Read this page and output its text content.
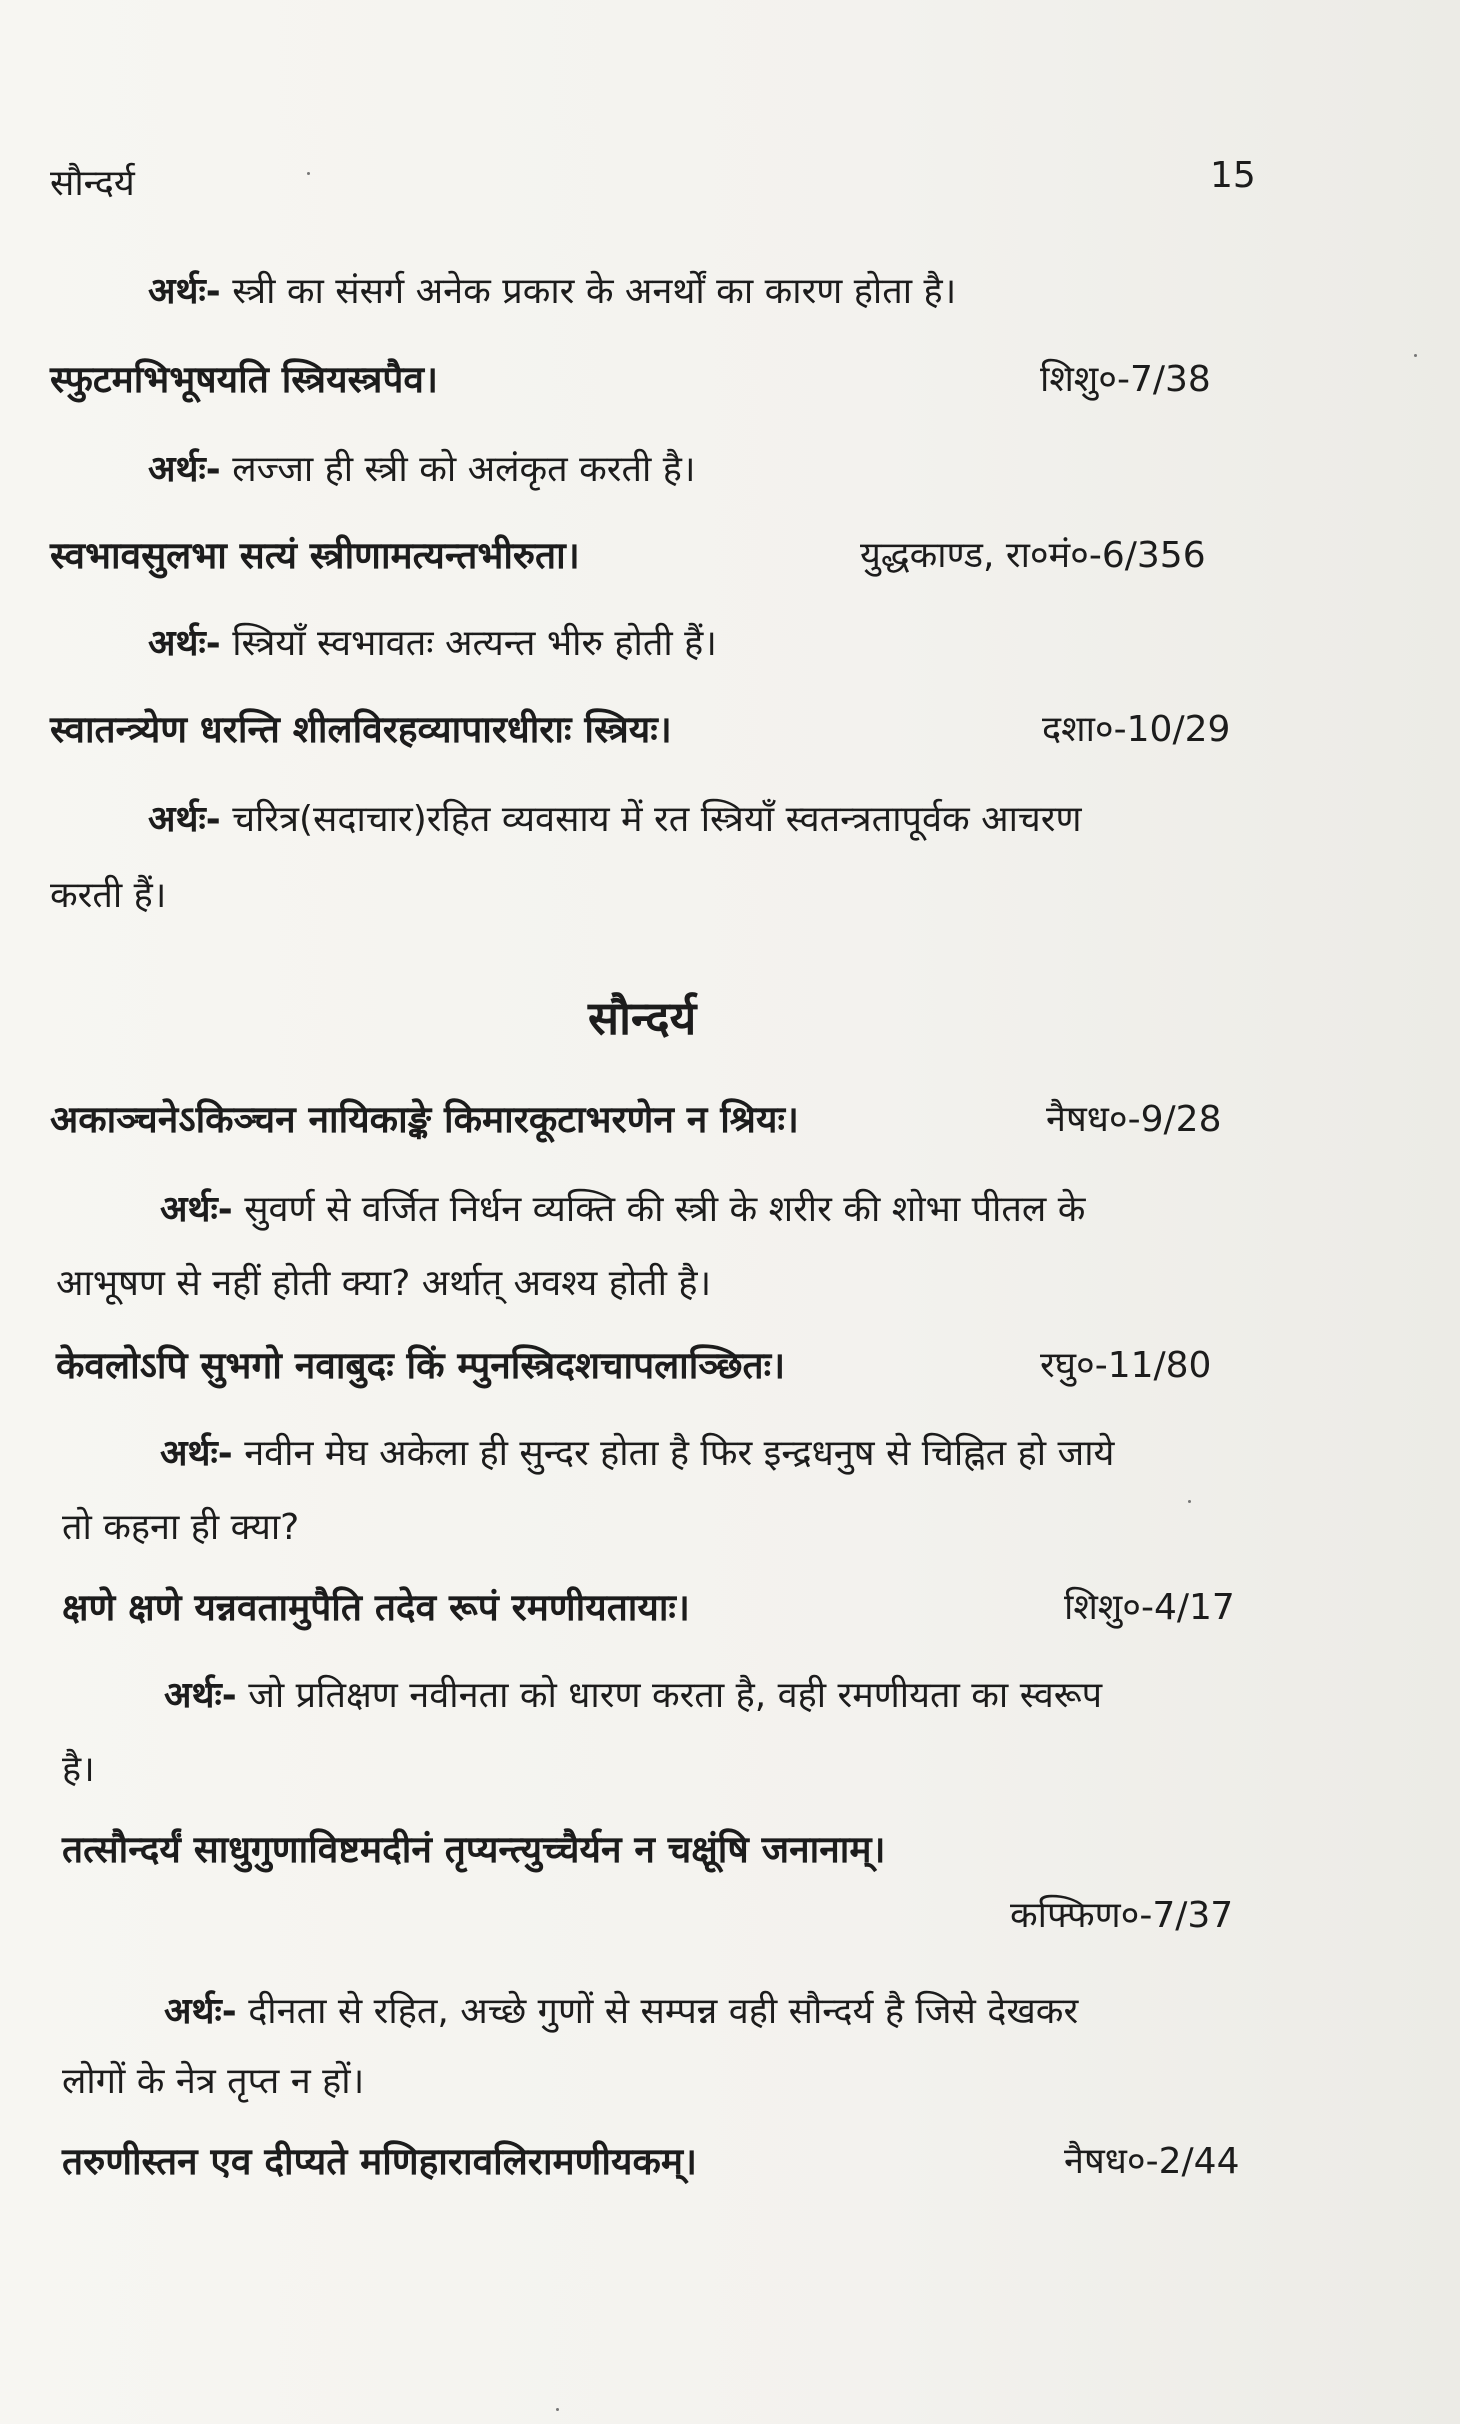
सौन्दर्य	15
अर्थः- स्त्री का संसर्ग अनेक प्रकार के अनर्थों का कारण होता है।
स्फुटमभिभूषयति स्त्रियस्त्रपैव।	शिशु०-7/38
अर्थः- लज्जा ही स्त्री को अलंकृत करती है।
स्वभावसुलभा सत्यं स्त्रीणामत्यन्तभीरुता।	युद्धकाण्ड, रा०मं०-6/356
अर्थः- स्त्रियाँ स्वभावतः अत्यन्त भीरु होती हैं।
स्वातन्त्र्येण धरन्ति शीलविरहव्यापारधीराः स्त्रियः।	दशा०-10/29
अर्थः- चरित्र(सदाचार)रहित व्यवसाय में रत स्त्रियाँ स्वतन्त्रतापूर्वक आचरण
करती हैं।
सौन्दर्य
अकाञ्चनेऽकिञ्चन नायिकाङ्के किमारकूटाभरणेन न श्रियः।	नैषध०-9/28
अर्थः- सुवर्ण से वर्जित निर्धन व्यक्ति की स्त्री के शरीर की शोभा पीतल के
आभूषण से नहीं होती क्या? अर्थात् अवश्य होती है।
केवलोऽपि सुभगो नवाबुदः किं म्पुनस्त्रिदशचापलाञ्छितः।	रघु०-11/80
अर्थः- नवीन मेघ अकेला ही सुन्दर होता है फिर इन्द्रधनुष से चिह्नित हो जाये
तो कहना ही क्या?
क्षणे क्षणे यन्नवतामुपैति तदेव रूपं रमणीयतायाः।	शिशु०-4/17
अर्थः- जो प्रतिक्षण नवीनता को धारण करता है, वही रमणीयता का स्वरूप
है।
तत्सौन्दर्यं साधुगुणाविष्टमदीनं तृप्यन्त्युच्चैर्यन न चक्षूंषि जनानाम्।
कफ्फिण०-7/37
अर्थः- दीनता से रहित, अच्छे गुणों से सम्पन्न वही सौन्दर्य है जिसे देखकर
लोगों के नेत्र तृप्त न हों।
तरुणीस्तन एव दीप्यते मणिहारावलिरामणीयकम्।	नैषध०-2/44
